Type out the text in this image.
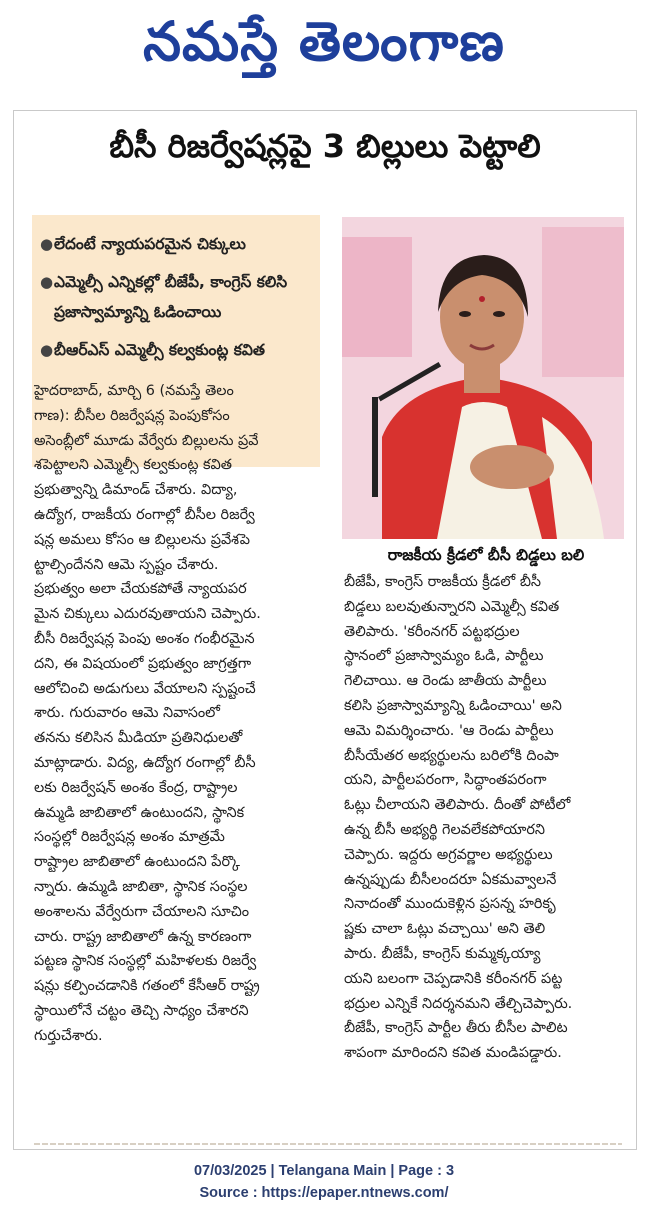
నమస్తే తెలంగాణ
బీసీ రిజర్వేషన్లపై 3 బిల్లులు పెట్టాలి
● లేదంటే న్యాయపరమైన చిక్కులు
● ఎమ్మెల్సీ ఎన్నికల్లో బీజేపీ, కాంగ్రెస్ కలిసి ప్రజాస్వామ్యాన్ని ఓడించాయి
● బీఆర్‌ఎస్ ఎమ్మెల్సీ కల్వకుంట్ల కవిత
రాజకీయ క్రీడలో బీసీ బిడ్డలు బలి
హైదరాబాద్, మార్చి 6 (నమస్తే తెలం
గాణ): బీసీల రిజర్వేషన్ల పెంపుకోసం
అసెంబ్లీలో మూడు వేర్వేరు బిల్లులను ప్రవే
శపెట్టాలని ఎమ్మెల్సీ కల్వకుంట్ల కవిత
ప్రభుత్వాన్ని డిమాండ్ చేశారు. విద్యా,
ఉద్యోగ, రాజకీయ రంగాల్లో బీసీల రిజర్వే
షన్ల అమలు కోసం ఆ బిల్లులను ప్రవేశపె
ట్టాల్సిందేనని ఆమె స్పష్టం చేశారు.
ప్రభుత్వం అలా చేయకపోతే న్యాయపర
మైన చిక్కులు ఎదురవుతాయని చెప్పారు.
బీసీ రిజర్వేషన్ల పెంపు అంశం గంభీరమైన
దని, ఈ విషయంలో ప్రభుత్వం జాగ్రత్తగా
ఆలోచించి అడుగులు వేయాలని స్పష్టంచే
శారు. గురువారం ఆమె నివాసంలో
తనను కలిసిన మీడియా ప్రతినిధులతో
మాట్లాడారు. విద్య, ఉద్యోగ రంగాల్లో బీసీ
లకు రిజర్వేషన్ అంశం కేంద్ర, రాష్ట్రాల
ఉమ్మడి జాబితాలో ఉంటుందని, స్థానిక
సంస్థల్లో రిజర్వేషన్ల అంశం మాత్రమే
రాష్ట్రాల జాబితాలో ఉంటుందని పేర్కొ
న్నారు. ఉమ్మడి జాబితా, స్థానిక సంస్థల
అంశాలను వేర్వేరుగా చేయాలని సూచిం
చారు. రాష్ట్ర జాబితాలో ఉన్న కారణంగా
పట్టణ స్థానిక సంస్థల్లో మహిళలకు రిజర్వే
షన్లు కల్పించడానికి గతంలో కేసీఆర్ రాష్ట్ర
స్థాయిలోనే చట్టం తెచ్చి సాధ్యం చేశారని
గుర్తుచేశారు.
బీజేపీ, కాంగ్రెస్ రాజకీయ క్రీడలో బీసీ
బిడ్డలు బలవుతున్నారని ఎమ్మెల్సీ కవిత
తెలిపారు. 'కరీంనగర్ పట్టభద్రుల
స్థానంలో ప్రజాస్వామ్యం ఓడి, పార్టీలు
గెలిచాయి. ఆ రెండు జాతీయ పార్టీలు
కలిసి ప్రజాస్వామ్యాన్ని ఓడించాయి' అని
ఆమె విమర్శించారు. 'ఆ రెండు పార్టీలు
బీసీయేతర అభ్యర్థులను బరిలోకి దింపా
యని, పార్టీలపరంగా, సిద్ధాంతపరంగా
ఓట్లు చీలాయని తెలిపారు. దీంతో పోటీలో
ఉన్న బీసీ అభ్యర్థి గెలవలేకపోయారని
చెప్పారు. ఇద్దరు అగ్రవర్ణాల అభ్యర్థులు
ఉన్నప్పుడు బీసీలందరూ ఏకమవ్వాలనే
నినాదంతో ముందుకెళ్లిన ప్రసన్న హరికృ
ష్ణకు చాలా ఓట్లు వచ్చాయి' అని తెలి
పారు. బీజేపీ, కాంగ్రెస్ కుమ్మక్కయ్యా
యని బలంగా చెప్పడానికి కరీంనగర్ పట్ట
భద్రుల ఎన్నికే నిదర్శనమని తేల్చిచెప్పారు.
బీజేపీ, కాంగ్రెస్ పార్టీల తీరు బీసీల పాలిట
శాపంగా మారిందని కవిత మండిపడ్డారు.
07/03/2025 | Telangana Main | Page : 3
Source : https://epaper.ntnews.com/
